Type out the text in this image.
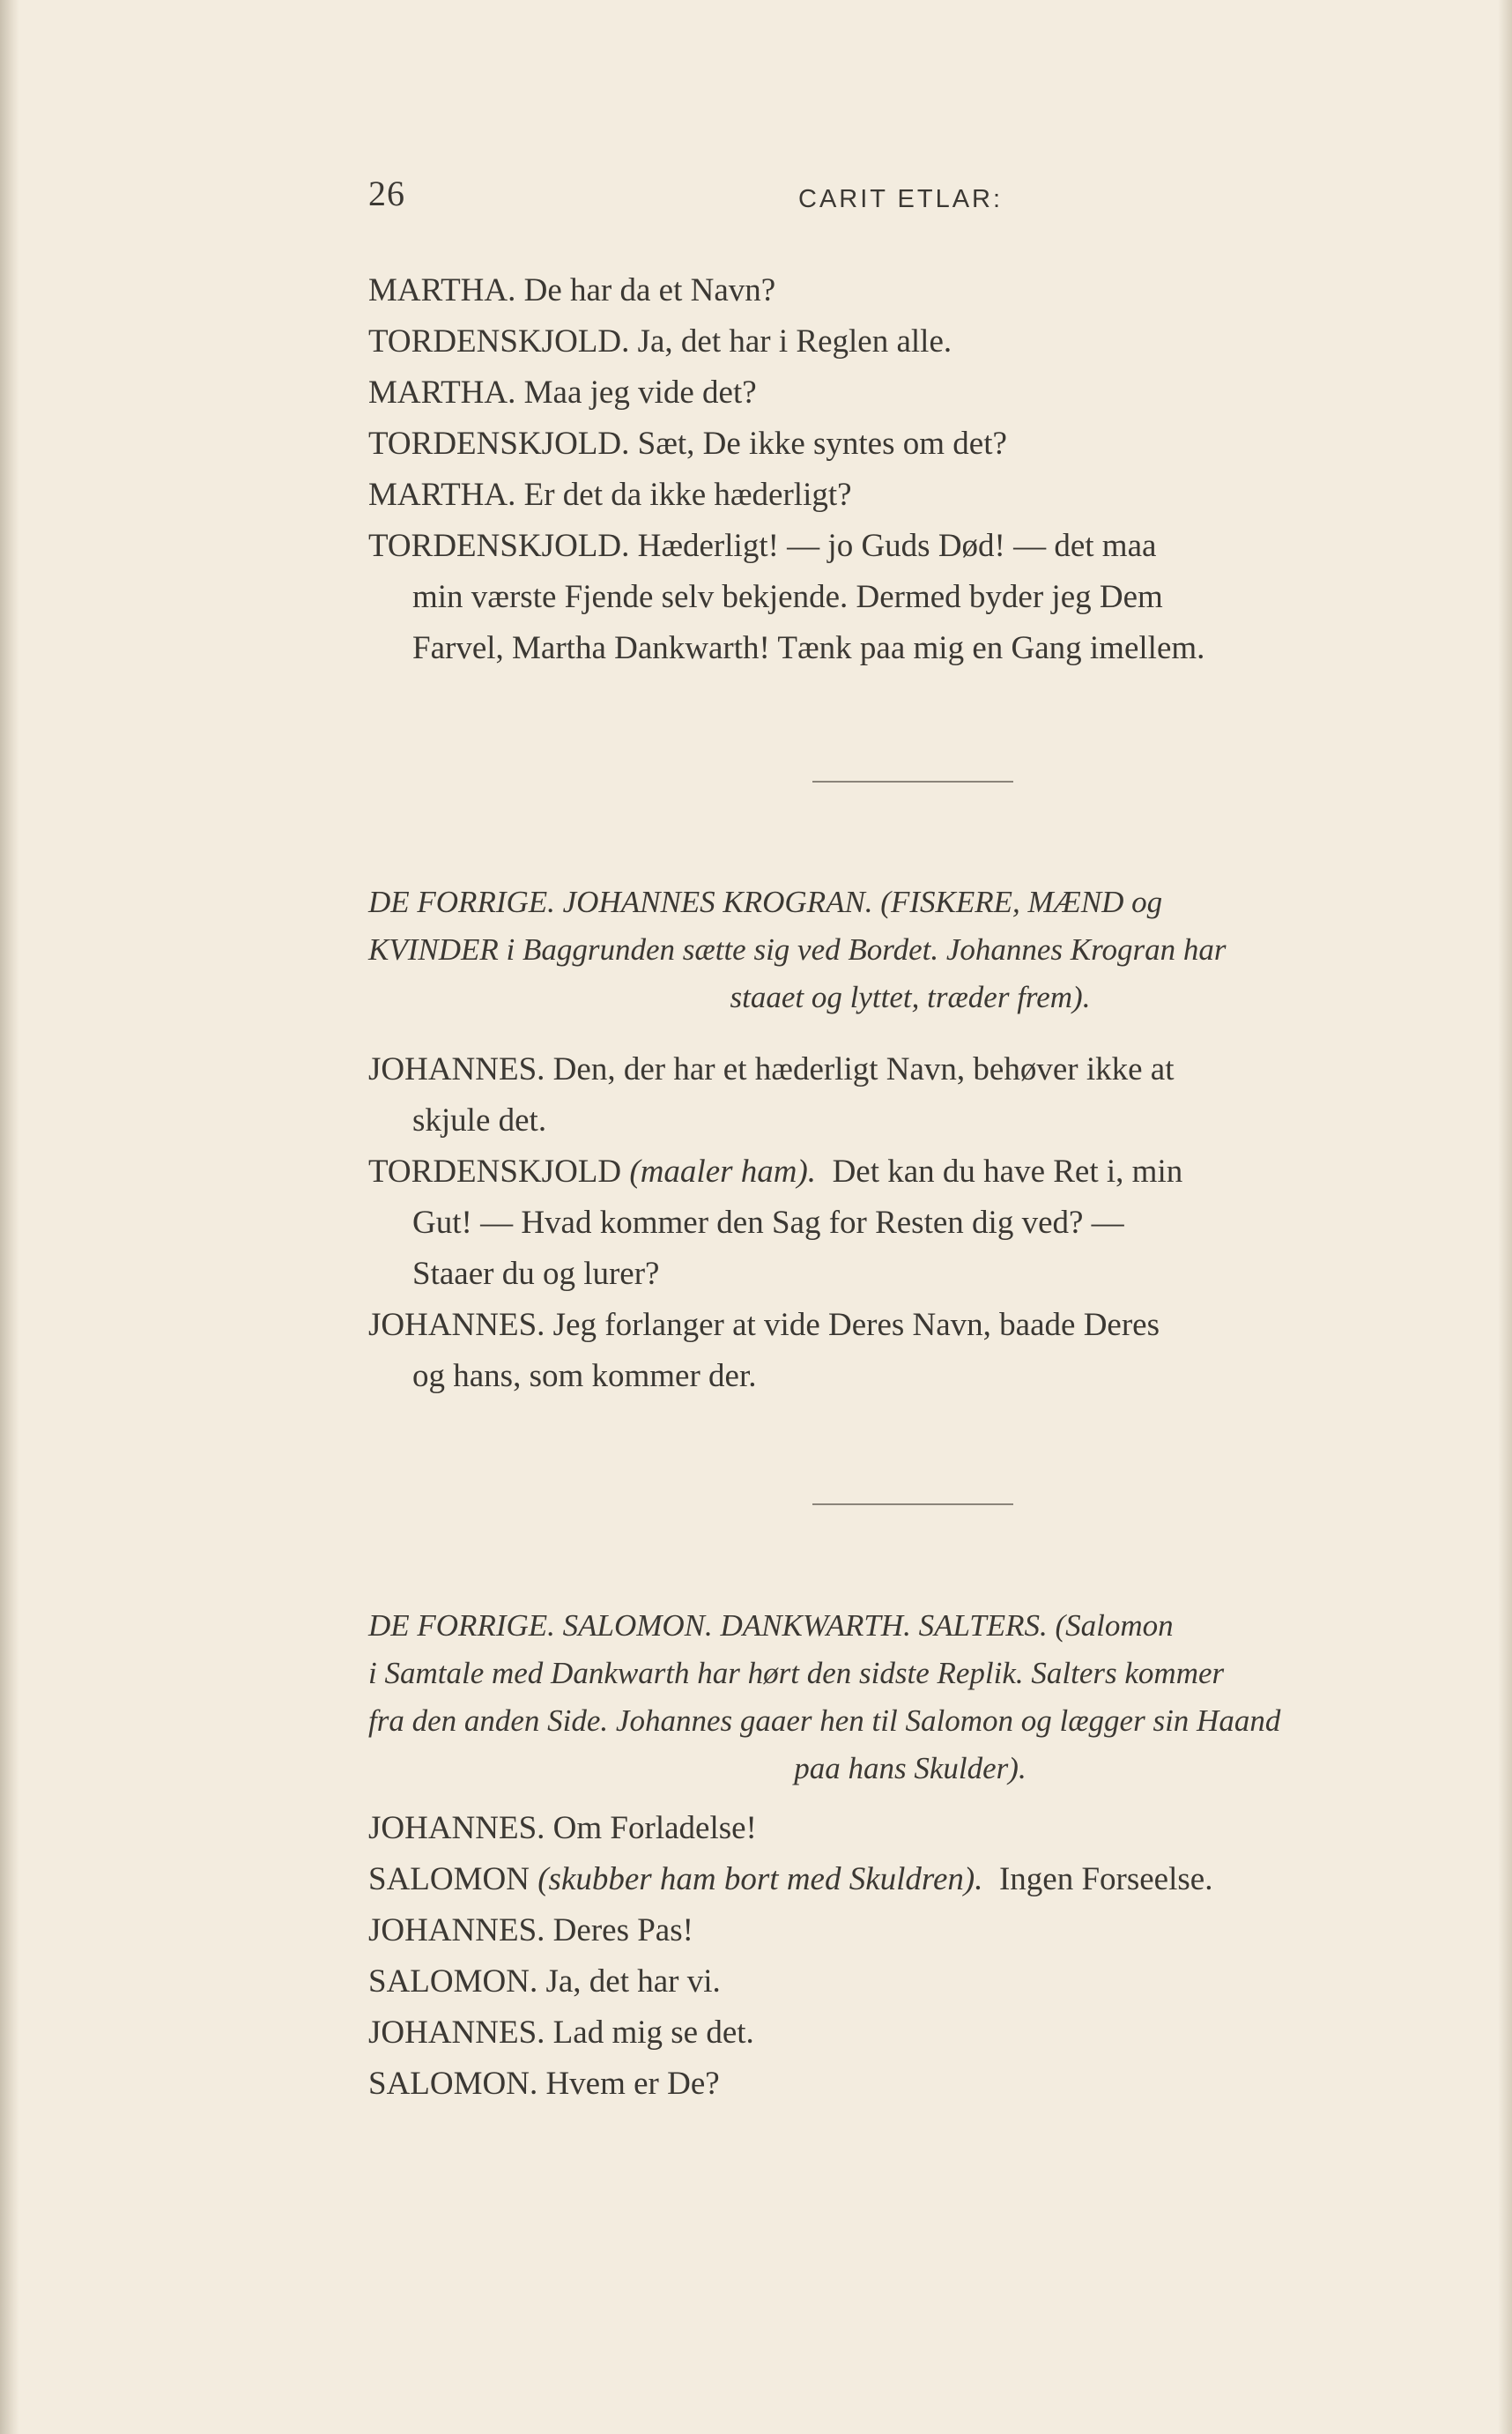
26	CARIT ETLAR:
MARTHA. De har da et Navn?
TORDENSKJOLD. Ja, det har i Reglen alle.
MARTHA. Maa jeg vide det?
TORDENSKJOLD. Sæt, De ikke syntes om det?
MARTHA. Er det da ikke hæderligt?
TORDENSKJOLD. Hæderligt! — jo Guds Død! — det maa
min værste Fjende selv bekjende. Dermed byder jeg Dem
Farvel, Martha Dankwarth! Tænk paa mig en Gang imellem.
DE FORRIGE. JOHANNES KROGRAN. (FISKERE, MÆND og
KVINDER i Baggrunden sætte sig ved Bordet. Johannes Krogran har
staaet og lyttet, træder frem).
JOHANNES. Den, der har et hæderligt Navn, behøver ikke at
skjule det.
TORDENSKJOLD
(maaler ham).
Det kan du have Ret i, min
Gut! — Hvad kommer den Sag for Resten dig ved? —
Staaer du og lurer?
JOHANNES. Jeg forlanger at vide Deres Navn, baade Deres
og hans, som kommer der.
DE FORRIGE. SALOMON. DANKWARTH. SALTERS. (Salomon
i Samtale med Dankwarth har hørt den sidste Replik. Salters kommer
fra den anden Side. Johannes gaaer hen til Salomon og lægger sin Haand
paa hans Skulder).
JOHANNES. Om Forladelse!
SALOMON
(skubber ham bort med Skuldren).
Ingen Forseelse.
JOHANNES. Deres Pas!
SALOMON. Ja, det har vi.
JOHANNES. Lad mig se det.
SALOMON. Hvem er De?
